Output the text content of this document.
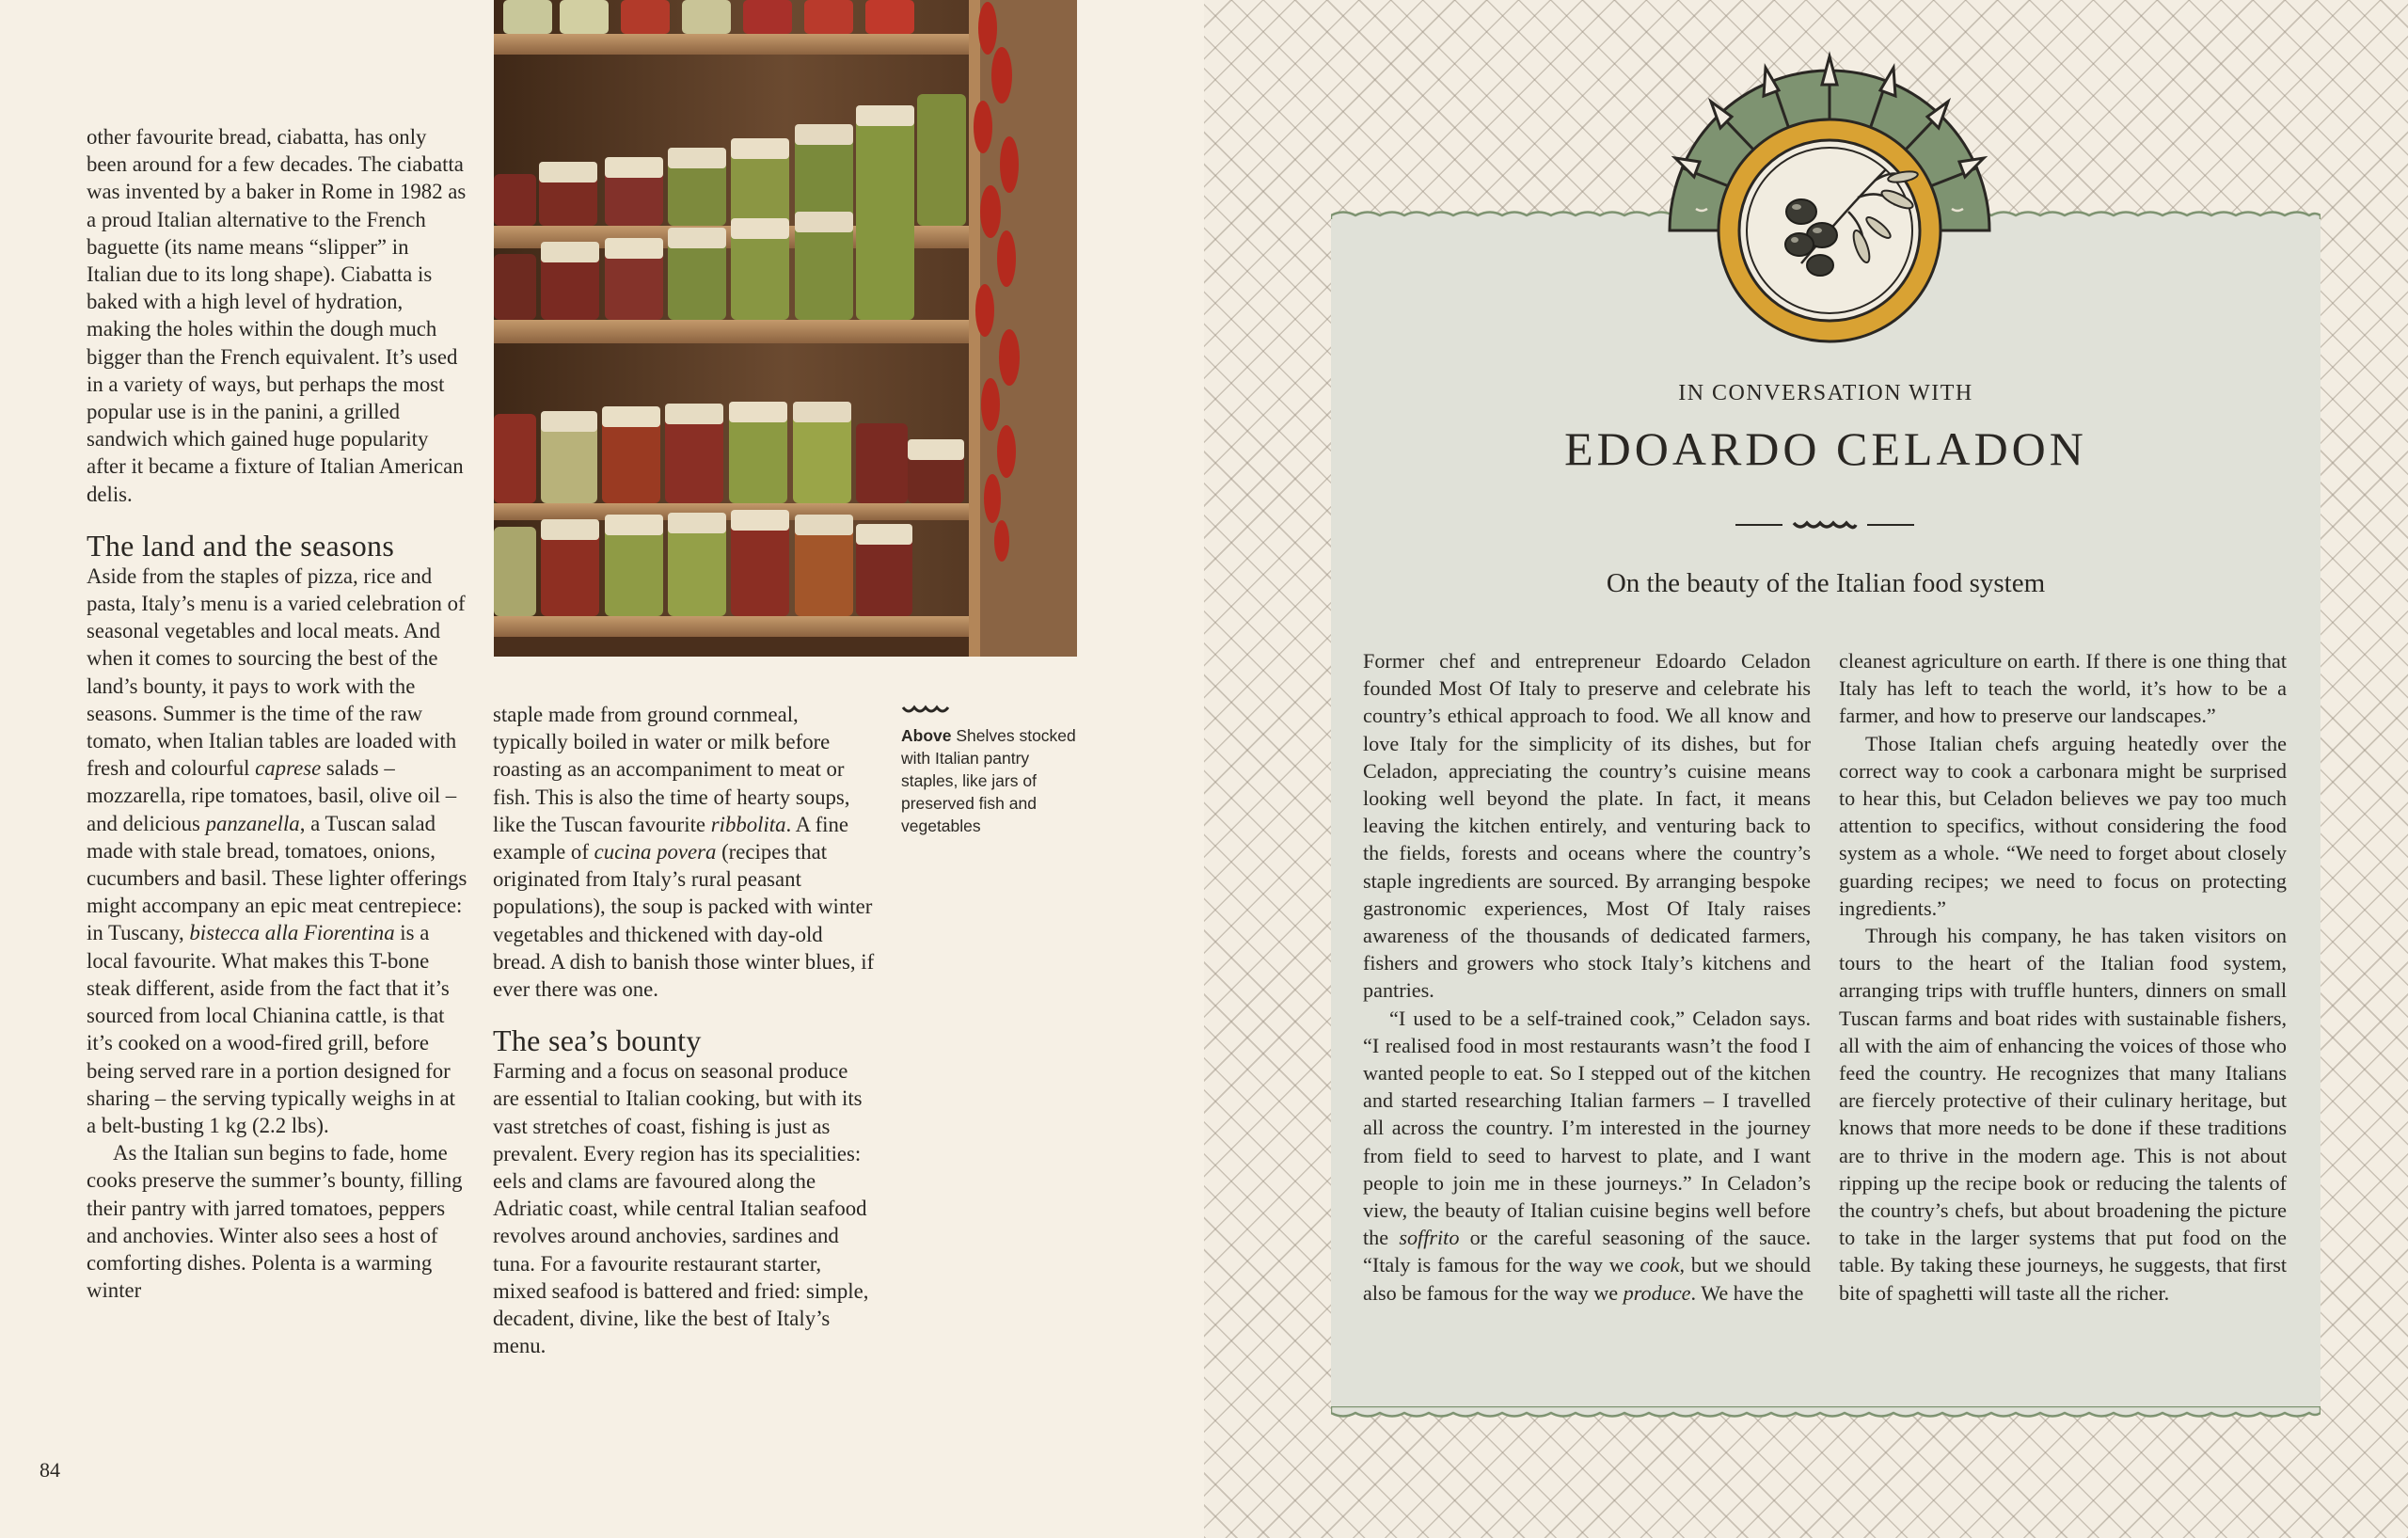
other favourite bread, ciabatta, has only been around for a few decades. The ciabatta was invented by a baker in Rome in 1982 as a proud Italian alternative to the French baguette (its name means “slipper” in Italian due to its long shape). Ciabatta is baked with a high level of hydration, making the holes within the dough much bigger than the French equivalent. It’s used in a variety of ways, but perhaps the most popular use is in the panini, a grilled sandwich which gained huge popularity after it became a fixture of Italian American delis.

The land and the seasons

Aside from the staples of pizza, rice and pasta, Italy’s menu is a varied celebration of seasonal vegetables and local meats. And when it comes to sourcing the best of the land’s bounty, it pays to work with the seasons. Summer is the time of the raw tomato, when Italian tables are loaded with fresh and colourful caprese salads – mozzarella, ripe tomatoes, basil, olive oil – and delicious panzanella, a Tuscan salad made with stale bread, tomatoes, onions, cucumbers and basil. These lighter offerings might accompany an epic meat centrepiece: in Tuscany, bistecca alla Fiorentina is a local favourite. What makes this T-bone steak different, aside from the fact that it’s sourced from local Chianina cattle, is that it’s cooked on a wood-fired grill, before being served rare in a portion designed for sharing – the serving typically weighs in at a belt-busting 1 kg (2.2 lbs).

As the Italian sun begins to fade, home cooks preserve the summer’s bounty, filling their pantry with jarred tomatoes, peppers and anchovies. Winter also sees a host of comforting dishes. Polenta is a warming winter

staple made from ground cornmeal, typically boiled in water or milk before roasting as an accompaniment to meat or fish. This is also the time of hearty soups, like the Tuscan favourite ribbolita. A fine example of cucina povera (recipes that originated from Italy’s rural peasant populations), the soup is packed with winter vegetables and thickened with day-old bread. A dish to banish those winter blues, if ever there was one.

The sea’s bounty

Farming and a focus on seasonal produce are essential to Italian cooking, but with its vast stretches of coast, fishing is just as prevalent. Every region has its specialities: eels and clams are favoured along the Adriatic coast, while central Italian seafood revolves around anchovies, sardines and tuna. For a favourite restaurant starter, mixed seafood is battered and fried: simple, decadent, divine, like the best of Italy’s menu.

Above Shelves stocked with Italian pantry staples, like jars of preserved fish and vegetables
84
IN CONVERSATION WITH
EDOARDO CELADON
On the beauty of the Italian food system

Former chef and entrepreneur Edoardo Celadon founded Most Of Italy to preserve and celebrate his country’s ethical approach to food. We all know and love Italy for the simplicity of its dishes, but for Celadon, appreciating the country’s cuisine means looking well beyond the plate. In fact, it means leaving the kitchen entirely, and venturing back to the fields, forests and oceans where the country’s staple ingredients are sourced. By arranging bespoke gastronomic experiences, Most Of Italy raises awareness of the thousands of dedicated farmers, fishers and growers who stock Italy’s kitchens and pantries.

“I used to be a self-trained cook,” Celadon says. “I realised food in most restaurants wasn’t the food I wanted people to eat. So I stepped out of the kitchen and started researching Italian farmers – I travelled all across the country. I’m interested in the journey from field to seed to harvest to plate, and I want people to join me in these journeys.” In Celadon’s view, the beauty of Italian cuisine begins well before the soffrito or the careful seasoning of the sauce. “Italy is famous for the way we cook, but we should also be famous for the way we produce. We have the

cleanest agriculture on earth. If there is one thing that Italy has left to teach the world, it’s how to be a farmer, and how to preserve our landscapes.”

Those Italian chefs arguing heatedly over the correct way to cook a carbonara might be surprised to hear this, but Celadon believes we pay too much attention to specifics, without considering the food system as a whole. “We need to forget about closely guarding recipes; we need to focus on protecting ingredients.”

Through his company, he has taken visitors on tours to the heart of the Italian food system, arranging trips with truffle hunters, dinners on small Tuscan farms and boat rides with sustainable fishers, all with the aim of enhancing the voices of those who feed the country. He recognizes that many Italians are fiercely protective of their culinary heritage, but knows that more needs to be done if these traditions are to thrive in the modern age. This is not about ripping up the recipe book or reducing the talents of the country’s chefs, but about broadening the picture to take in the larger systems that put food on the table. By taking these journeys, he suggests, that first bite of spaghetti will taste all the richer.
